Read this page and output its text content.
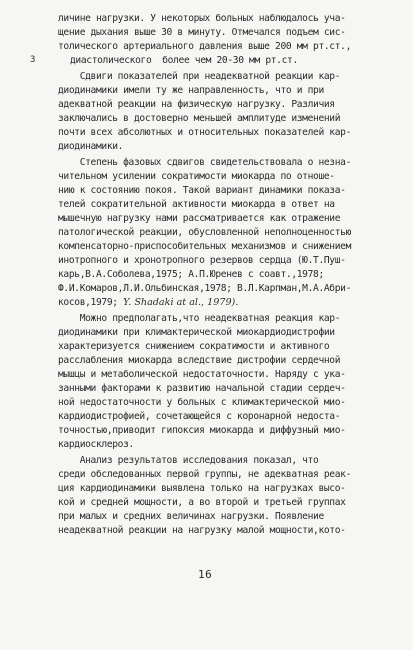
личине нагрузки. У некоторых больных наблюдалось уча-
щение дыхания выше 30 в минуту. Отмечался подъем сис-
толического артериального давления выше 200 мм рт.ст.,
3	диастолического  более чем 20-30 мм рт.ст.
Сдвиги показателей при неадекватной реакции кар-
диодинамики имели ту же направленность, что и при
адекватной реакции на физическую нагрузку. Различия
заключались в достоверно меньшей амплитуде изменений
почти всех абсолютных и относительных показателей кар-
диодинамики.
Степень фазовых сдвигов свидетельствовала о незна-
чительном усилении сократимости миокарда по отноше-
нию к состоянию покоя. Такой вариант динамики показа-
телей сократительной активности миокарда в ответ на
мышечную нагрузку нами рассматривается как отражение
патологической реакции, обусловленной неполноценностью
компенсаторно-приспособительных механизмов и снижением
инотропного и хронотропного резервов сердца (Ю.Т.Пуш-
карь,В.А.Соболева,1975; А.П.Юренев с соавт.,1978;
Ф.И.Комаров,Л.И.Ольбинская,1978; В.Л.Карпман,М.А.Абри-
косов,1979; Y. Shadaki at al., 1979).
Можно предполагать,что неадекватная реакция кар-
диодинамики при климактерической миокардиодистрофии
характеризуется снижением сократимости и активного
расслабления миокарда вследствие дистрофии сердечной
мышцы и метаболической недостаточности. Наряду с ука-
занными факторами к развитию начальной стадии сердеч-
ной недостаточности у больных с климактерической мио-
кардиодистрофией, сочетающейся с коронарной недоста-
точностью,приводит гипоксия миокарда и диффузный мио-
кардиосклероз.
Анализ результатов исследования показал, что
среди обследованных первой группы, не адекватная реак-
ция кардиодинамики выявлена только на нагрузках высо-
кой и средней мощности, а во второй и третьей группах
при малых и средних величинах нагрузки. Появление
неадекватной реакции на нагрузку малой мощности,кото-
16
